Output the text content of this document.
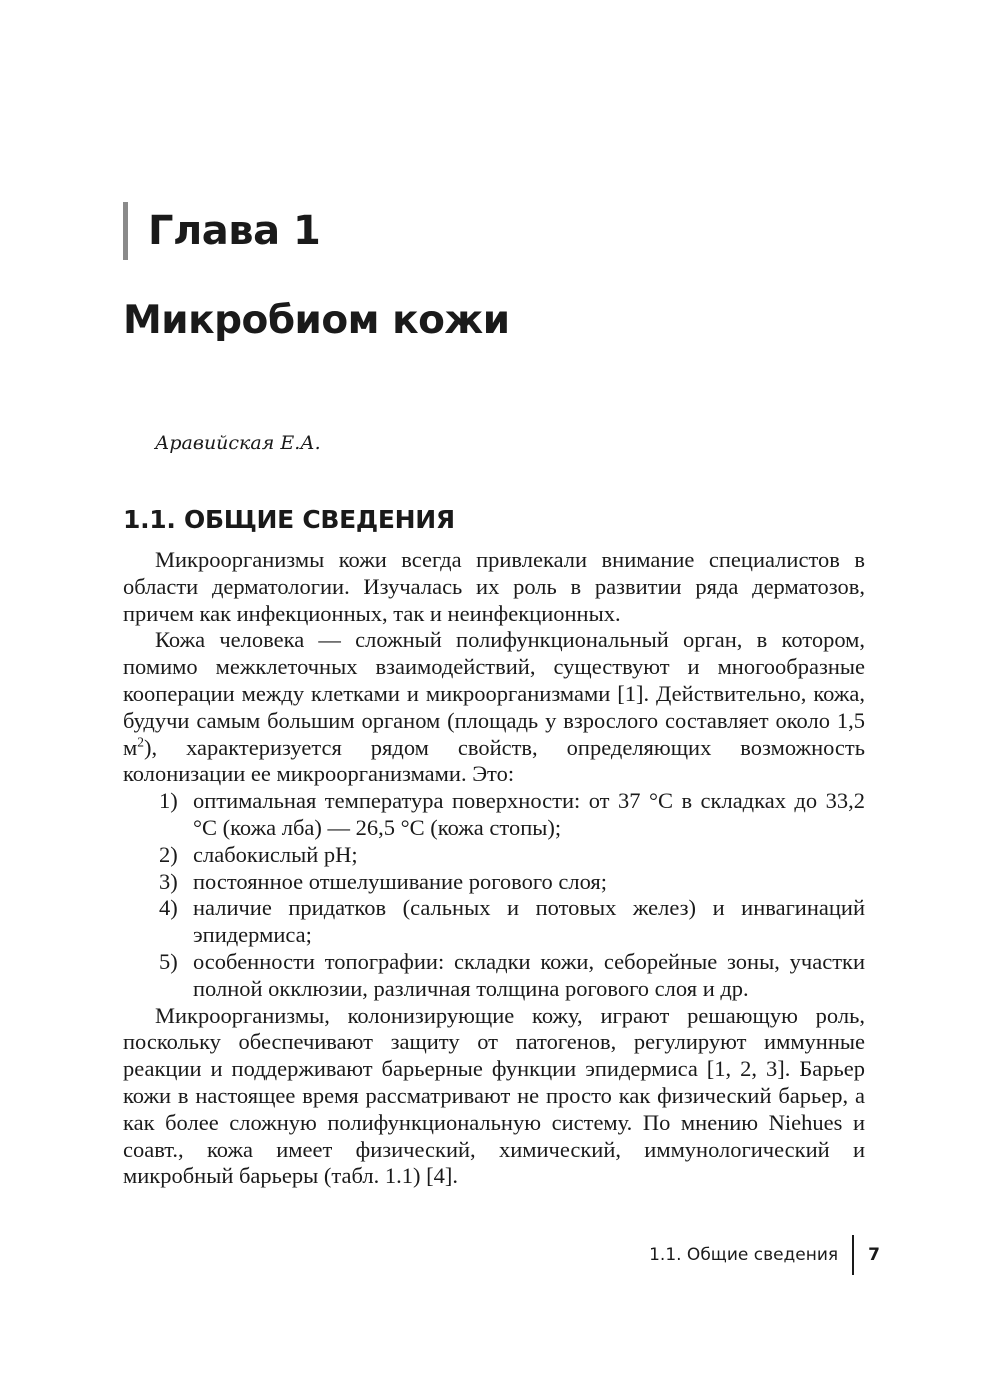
Глава 1
Микробиом кожи
Аравийская Е.А.
1.1. ОБЩИЕ СВЕДЕНИЯ

Микроорганизмы кожи всегда привлекали внимание специалистов в области дерматологии. Изучалась их роль в развитии ряда дерматозов, причем как инфекционных, так и неинфекционных.

Кожа человека — сложный полифункциональный орган, в котором, помимо межклеточных взаимодействий, существуют и многообразные кооперации между клетками и микроорганизмами [1]. Действительно, кожа, будучи самым большим органом (площадь у взрослого составляет около 1,5 $м^2$), характеризуется рядом свойств, определяющих возможность колонизации ее микроорганизмами. Это:

1) оптимальная температура поверхности: от 37 °C в складках до 33,2 °C (кожа лба) — 26,5 °C (кожа стопы);
2) слабокислый pH;
3) постоянное отшелушивание рогового слоя;
4) наличие придатков (сальных и потовых желез) и инвагинаций эпидермиса;
5) особенности топографии: складки кожи, себорейные зоны, участки полной окклюзии, различная толщина рогового слоя и др.

Микроорганизмы, колонизирующие кожу, играют решающую роль, поскольку обеспечивают защиту от патогенов, регулируют иммунные реакции и поддерживают барьерные функции эпидермиса [1, 2, 3]. Барьер кожи в настоящее время рассматривают не просто как физический барьер, а как более сложную полифункциональную систему. По мнению Niehues и соавт., кожа имеет физический, химический, иммунологический и микробный барьеры (табл. 1.1) [4].

1.1. Общие сведения 7
